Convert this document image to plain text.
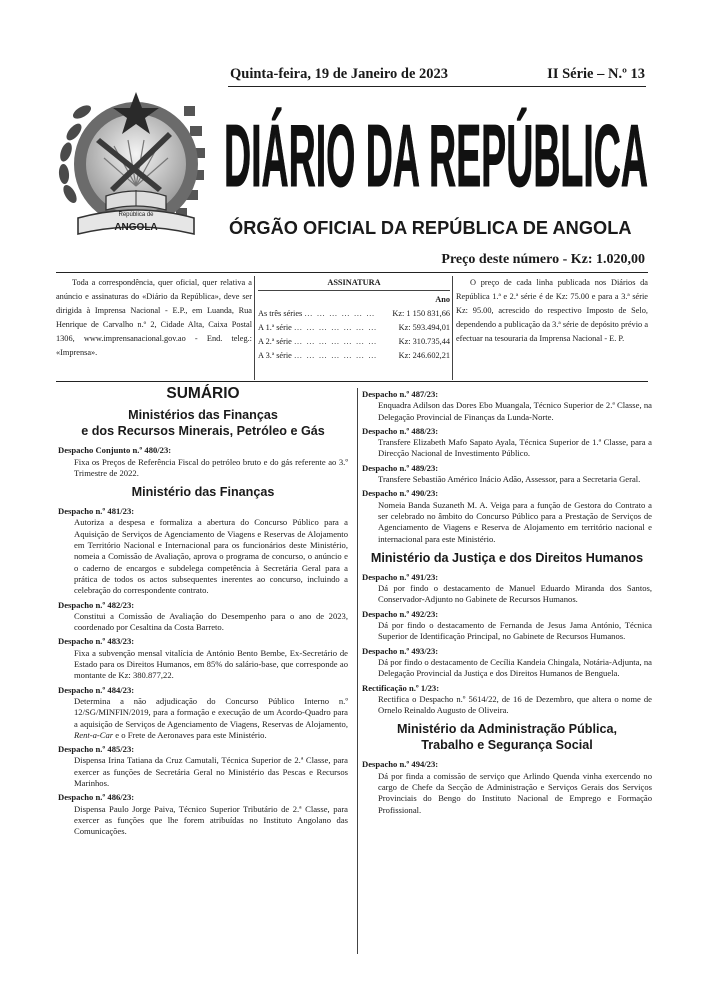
República de
ANGOLA
Quinta-feira, 19 de Janeiro de 2023	II Série – N.º 13
DIÁRIO DA REPÚBLICA
ÓRGÃO OFICIAL DA REPÚBLICA DE ANGOLA
Preço deste número - Kz: 1.020,00
Toda a correspondência, quer oficial, quer relativa a anúncio e assinaturas do «Diário da República», deve ser dirigida à Imprensa Nacional - E.P., em Luanda, Rua Henrique de Carvalho n.º 2, Cidade Alta, Caixa Postal 1306, www.imprensanacional.gov.ao - End. teleg.: «Imprensa».
ASSINATURA
Ano
As três séries … … … … … …	Kz: 1 150 831,66
A 1.ª série … … … … … … …	Kz: 593.494,01
A 2.ª série … … … … … … …	Kz: 310.735,44
A 3.ª série … … … … … … …	Kz: 246.602,21
O preço de cada linha publicada nos Diários da República 1.ª e 2.ª série é de Kz: 75.00 e para a 3.ª série Kz: 95.00, acrescido do respectivo Imposto de Selo, dependendo a publicação da 3.ª série de depósito prévio a efectuar na tesouraria da Imprensa Nacional - E. P.
SUMÁRIO
Ministérios das Finanças
e dos Recursos Minerais, Petróleo e Gás
Despacho Conjunto n.º 480/23:
Fixa os Preços de Referência Fiscal do petróleo bruto e do gás referente ao 3.º Trimestre de 2022.
Ministério das Finanças
Despacho n.º 481/23:
Autoriza a despesa e formaliza a abertura do Concurso Público para a Aquisição de Serviços de Agenciamento de Viagens e Reservas de Alojamento em Território Nacional e Internacional para os funcionários deste Ministério, nomeia a Comissão de Avaliação, aprova o programa de concurso, o anúncio e o caderno de encargos e subdelega competência à Secretária Geral para a prática de todos os actos subsequentes inerentes ao concurso, incluindo a celebração do correspondente contrato.
Despacho n.º 482/23:
Constitui a Comissão de Avaliação do Desempenho para o ano de 2023, coordenado por Cesaltina da Costa Barreto.
Despacho n.º 483/23:
Fixa a subvenção mensal vitalícia de António Bento Bembe, Ex-Secretário de Estado para os Direitos Humanos, em 85% do salário-base, que corresponde ao montante de Kz: 380.877,22.
Despacho n.º 484/23:
Determina a não adjudicação do Concurso Público Interno n.º 12/SG/MINFIN/2019, para a formação e execução de um Acordo-Quadro para a aquisição de Serviços de Agenciamento de Viagens, Reservas de Alojamento, Rent-a-Car e o Frete de Aeronaves para este Ministério.
Despacho n.º 485/23:
Dispensa Irina Tatiana da Cruz Camutali, Técnica Superior de 2.ª Classe, para exercer as funções de Secretária Geral no Ministério das Pescas e Recursos Marinhos.
Despacho n.º 486/23:
Dispensa Paulo Jorge Paiva, Técnico Superior Tributário de 2.ª Classe, para exercer as funções que lhe forem atribuídas no Instituto Angolano das Comunicações.
Despacho n.º 487/23:
Enquadra Adilson das Dores Ebo Muangala, Técnico Superior de 2.ª Classe, na Delegação Provincial de Finanças da Lunda-Norte.
Despacho n.º 488/23:
Transfere Elizabeth Mafo Sapato Ayala, Técnica Superior de 1.ª Classe, para a Direcção Nacional de Investimento Público.
Despacho n.º 489/23:
Transfere Sebastião Américo Inácio Adão, Assessor, para a Secretaria Geral.
Despacho n.º 490/23:
Nomeia Banda Suzaneth M. A. Veiga para a função de Gestora do Contrato a ser celebrado no âmbito do Concurso Público para a Prestação de Serviços de Agenciamento de Viagens e Reserva de Alojamento em território nacional e internacional para este Ministério.
Ministério da Justiça e dos Direitos Humanos
Despacho n.º 491/23:
Dá por findo o destacamento de Manuel Eduardo Miranda dos Santos, Conservador-Adjunto no Gabinete de Recursos Humanos.
Despacho n.º 492/23:
Dá por findo o destacamento de Fernanda de Jesus Jama António, Técnica Superior de Identificação Principal, no Gabinete de Recursos Humanos.
Despacho n.º 493/23:
Dá por findo o destacamento de Cecília Kandeia Chingala, Notária-Adjunta, na Delegação Provincial da Justiça e dos Direitos Humanos de Benguela.
Rectificação n.º 1/23:
Rectifica o Despacho n.º 5614/22, de 16 de Dezembro, que altera o nome de Ornelo Reinaldo Augusto de Oliveira.
Ministério da Administração Pública,
Trabalho e Segurança Social
Despacho n.º 494/23:
Dá por finda a comissão de serviço que Arlindo Quenda vinha exercendo no cargo de Chefe da Secção de Administração e Serviços Gerais dos Serviços Provinciais do Bengo do Instituto Nacional de Emprego e Formação Profissional.
